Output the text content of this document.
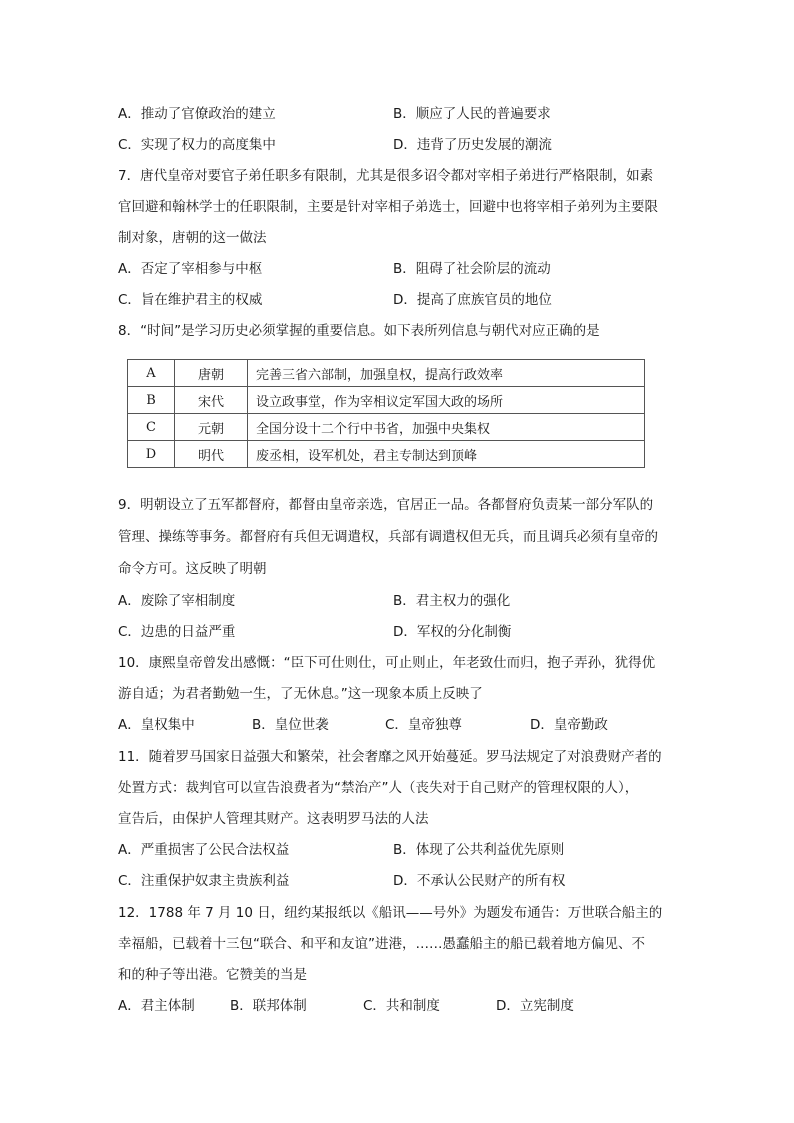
A．推动了官僚政治的建立	B．顺应了人民的普遍要求
C．实现了权力的高度集中	D．违背了历史发展的潮流
7．唐代皇帝对要官子弟任职多有限制，尤其是很多诏令都对宰相子弟进行严格限制，如素
官回避和翰林学士的任职限制，主要是针对宰相子弟选士，回避中也将宰相子弟列为主要限
制对象，唐朝的这一做法
A．否定了宰相参与中枢	B．阻碍了社会阶层的流动
C．旨在维护君主的权威	D．提高了庶族官员的地位
8．“时间”是学习历史必须掌握的重要信息。如下表所列信息与朝代对应正确的是
A	唐朝	完善三省六部制，加强皇权，提高行政效率
B	宋代	设立政事堂，作为宰相议定军国大政的场所
C	元朝	全国分设十二个行中书省，加强中央集权
D	明代	废丞相，设军机处，君主专制达到顶峰
9．明朝设立了五军都督府，都督由皇帝亲选，官居正一品。各都督府负责某一部分军队的
管理、操练等事务。都督府有兵但无调遣权，兵部有调遣权但无兵，而且调兵必须有皇帝的
命令方可。这反映了明朝
A．废除了宰相制度	B．君主权力的强化
C．边患的日益严重	D．军权的分化制衡
10．康熙皇帝曾发出感慨：“臣下可仕则仕，可止则止，年老致仕而归，抱子弄孙，犹得优
游自适；为君者勤勉一生，了无休息。”这一现象本质上反映了
A．皇权集中	B．皇位世袭	C．皇帝独尊	D．皇帝勤政
11．随着罗马国家日益强大和繁荣，社会奢靡之风开始蔓延。罗马法规定了对浪费财产者的
处置方式：裁判官可以宣告浪费者为“禁治产”人（丧失对于自己财产的管理权限的人），
宣告后，由保护人管理其财产。这表明罗马法的人法
A．严重损害了公民合法权益	B．体现了公共利益优先原则
C．注重保护奴隶主贵族利益	D．不承认公民财产的所有权
12．1788 年 7 月 10 日，纽约某报纸以《船讯——号外》为题发布通告：万世联合船主的
幸福船，已载着十三包“联合、和平和友谊”进港，……愚蠢船主的船已载着地方偏见、不
和的种子等出港。它赞美的当是
A．君主体制	B．联邦体制	C．共和制度	D．立宪制度
